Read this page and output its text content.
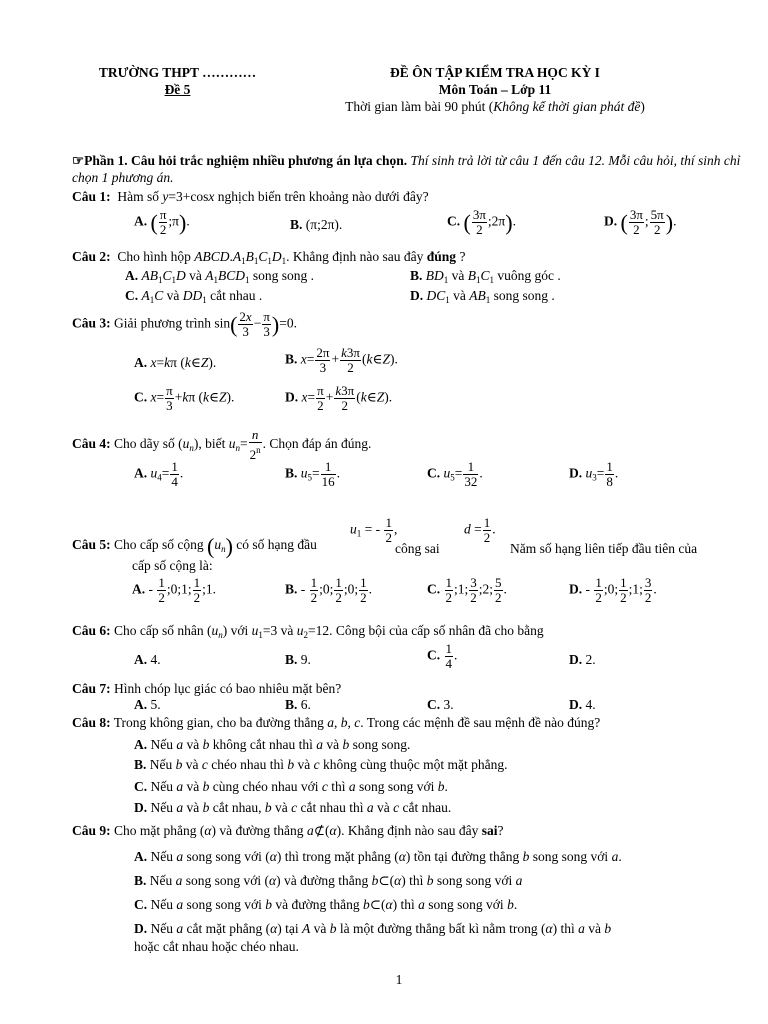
TRƯỜNG THPT …………
Đề 5
ĐỀ ÔN TẬP KIỂM TRA HỌC KỲ I
Môn Toán – Lớp 11
Thời gian làm bài 90 phút (Không kể thời gian phát đề)
☞Phần 1. Câu hỏi trắc nghiệm nhiều phương án lựa chọn. Thí sinh trả lời từ câu 1 đến câu 12. Mỗi câu hỏi, thí sinh chỉ chọn 1 phương án.
Câu 1: Hàm số y=3+cosx nghịch biến trên khoảng nào dưới đây?
A. ( $\frac{\pi}{2}$ ;π).	B. (π;2π).	C. ( $\frac{3\pi}{2}$ ;2π).	D. ( $\frac{3\pi}{2}$ ; $\frac{5\pi}{2}$ ).
Câu 2: Cho hình hộp $ABCD.A_1B_1C_1D_1$. Khẳng định nào sau đây đúng ?
A. $AB_1C_1D$ và $A_1BCD_1$ song song .	B. $BD_1$ và $B_1C_1$ vuông góc .
C. $A_1C$ và $DD_1$ cắt nhau .	D. $DC_1$ và $AB_1$ song song .
Câu 3: Giải phương trình $\sin( \frac{2x}{3} - \frac{\pi}{3} )=0$.
A. x=kπ (k∈Z).	B. $x= \frac{2\pi}{3} + \frac{k3\pi}{2}$ (k∈Z).
C. $x= \frac{\pi}{3} +k\pi$ (k∈Z).	D. $x= \frac{\pi}{2} + \frac{k3\pi}{2}$ (k∈Z).
Câu 4: Cho dãy số $(u_n)$, biết $u_n= \frac{n}{2^n}$ . Chọn đáp án đúng.
A. $u_4= \frac{1}{4}$ .	B. $u_5= \frac{1}{16}$ .	C. $u_5= \frac{1}{32}$ .	D. $u_3= \frac{1}{8}$ .
Câu 5: Cho cấp số cộng $(u_n)$ có số hạng đầu
$u_1$ = - $\frac{1}{2}$ ,
công sai
$d = \frac{1}{2}$ .
Năm số hạng liên tiếp đầu tiên của
cấp số cộng là:
A. - $\frac{1}{2}$ ;0;1; $\frac{1}{2}$ ;1.	B. - $\frac{1}{2}$ ;0; $\frac{1}{2}$ ;0; $\frac{1}{2}$ .	C. $\frac{1}{2}$ ;1; $\frac{3}{2}$ ;2; $\frac{5}{2}$ .	D. - $\frac{1}{2}$ ;0; $\frac{1}{2}$ ;1; $\frac{3}{2}$ .
Câu 6: Cho cấp số nhân $(u_n)$ với $u_1=3$ và $u_2=12$. Công bội của cấp số nhân đã cho bằng
A. 4.	B. 9.	C. $\frac{1}{4}$ .	D. 2.
Câu 7: Hình chóp lục giác có bao nhiêu mặt bên?
A. 5.	B. 6.	C. 3.	D. 4.
Câu 8: Trong không gian, cho ba đường thẳng a, b, c. Trong các mệnh đề sau mệnh đề nào đúng?
A. Nếu a và b không cắt nhau thì a và b song song.
B. Nếu b và c chéo nhau thì b và c không cùng thuộc một mặt phẳng.
C. Nếu a và b cùng chéo nhau với c thì a song song với b.
D. Nếu a và b cắt nhau, b và c cắt nhau thì a và c cắt nhau.
Câu 9: Cho mặt phẳng (α) và đường thẳng a⊄(α). Khẳng định nào sau đây sai?
A. Nếu a song song với (α) thì trong mặt phẳng (α) tồn tại đường thẳng b song song với a.
B. Nếu a song song với (α) và đường thẳng b⊂(α) thì b song song với a
C. Nếu a song song với b và đường thẳng b⊂(α) thì a song song với b.
D. Nếu a cắt mặt phẳng (α) tại A và b là một đường thẳng bất kì nằm trong (α) thì a và b
hoặc cắt nhau hoặc chéo nhau.
1
